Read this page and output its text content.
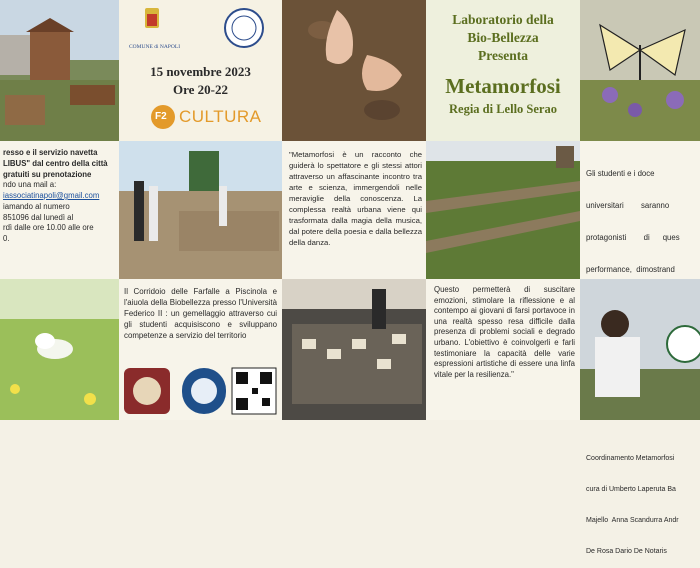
COMUNE di NAPOLI
15 novembre 2023
Ore 20-22
F2 CULTURA
Laboratorio della
Bio-Bellezza
Presenta
Metamorfosi
Regia di Lello Serao
resso e il servizio navetta
LIBUS" dal centro della città
gratuiti su prenotazione
ndo una mail a:
iassociatinapoli@gmail.com
iamando al numero
851096 dal lunedì al
rdì dalle ore 10.00 alle ore
0.
"Metamorfosi è un racconto che guiderà lo spettatore e gli stessi attori attraverso un affascinante incontro tra arte e scienza, immergendoli nelle meraviglie della conoscenza. La complessa realtà urbana viene qui trasformata dalla magia della musica, dal potere della poesia e dalla bellezza della danza.

Gli studenti e i doce

universitari        saranno

protagonisti        di      ques

performance,  dimostrand

Coordinamento Metamorfosi

cura di Umberto Laperuta Ba

Majello  Anna Scandurra Andr

De Rosa Dario De Notaris

Il Corridoio delle Farfalle a Piscinola e l'aiuola della Biobellezza presso l'Università Federico II : un gemellaggio attraverso cui gli studenti acquisiscono e sviluppano competenze a servizio del territorio
Questo permetterà di suscitare emozioni, stimolare la riflessione e al contempo ai giovani di farsi portavoce in una realtà spesso resa difficile dalla presenza di problemi sociali e degrado urbano. L'obiettivo è coinvolgerli e farli testimoniare la capacità delle varie espressioni artistiche di essere una linfa vitale per la resilienza."
